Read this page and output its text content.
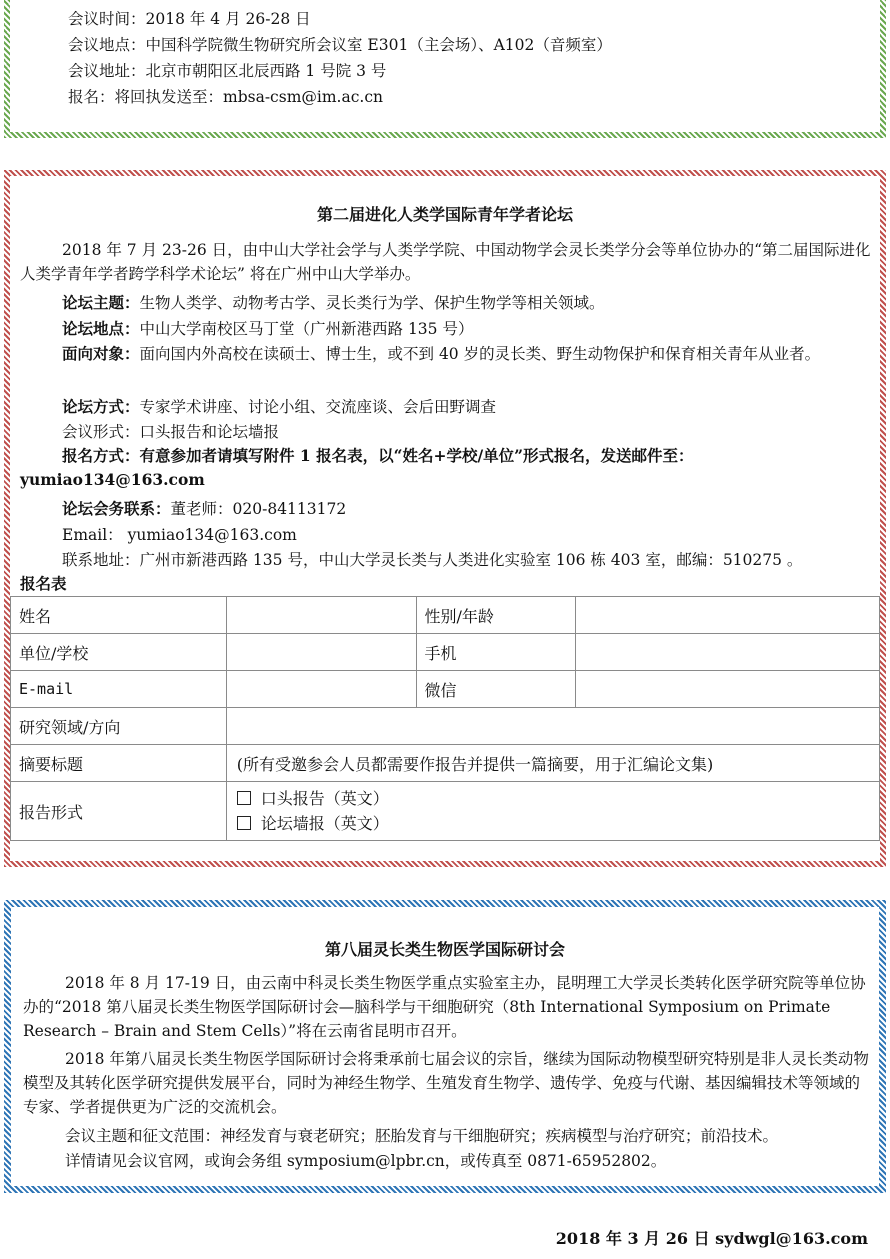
会议时间：2018 年 4 月 26-28 日
会议地点：中国科学院微生物研究所会议室 E301（主会场）、A102（音频室）
会议地址：北京市朝阳区北辰西路 1 号院 3 号
报名：将回执发送至：mbsa-csm@im.ac.cn
第二届进化人类学国际青年学者论坛
2018 年 7 月 23-26 日，由中山大学社会学与人类学学院、中国动物学会灵长类学分会等单位协办的“第二届国际进化人类学青年学者跨学科学术论坛” 将在广州中山大学举办。
论坛主题：生物人类学、动物考古学、灵长类行为学、保护生物学等相关领域。
论坛地点：中山大学南校区马丁堂（广州新港西路 135 号）
面向对象：面向国内外高校在读硕士、博士生，或不到 40 岁的灵长类、野生动物保护和保育相关青年从业者。
论坛方式：专家学术讲座、讨论小组、交流座谈、会后田野调查
会议形式：口头报告和论坛墙报
报名方式：有意参加者请填写附件 1 报名表，以“姓名+学校/单位”形式报名，发送邮件至：yumiao134@163.com
论坛会务联系：董老师：020-84113172
Email： yumiao134@163.com
联系地址：广州市新港西路 135 号，中山大学灵长类与人类进化实验室 106 栋 403 室，邮编：510275 。
报名表
姓名		性别/年龄	
单位/学校		手机	
E-mail		微信	
研究领域/方向			
摘要标题	(所有受邀参会人员都需要作报告并提供一篇摘要，用于汇编论文集)		
报告形式	口头报告（英文）
论坛墙报（英文）		
第八届灵长类生物医学国际研讨会
2018 年 8 月 17-19 日，由云南中科灵长类生物医学重点实验室主办，昆明理工大学灵长类转化医学研究院等单位协办的“2018 第八届灵长类生物医学国际研讨会—脑科学与干细胞研究（8th International Symposium on Primate Research – Brain and Stem Cells）”将在云南省昆明市召开。
2018 年第八届灵长类生物医学国际研讨会将秉承前七届会议的宗旨，继续为国际动物模型研究特别是非人灵长类动物模型及其转化医学研究提供发展平台，同时为神经生物学、生殖发育生物学、遗传学、免疫与代谢、基因编辑技术等领域的专家、学者提供更为广泛的交流机会。
会议主题和征文范围：神经发育与衰老研究；胚胎发育与干细胞研究；疾病模型与治疗研究；前沿技术。
详情请见会议官网，或询会务组 symposium@lpbr.cn，或传真至 0871-65952802。
2018 年 3 月 26 日 sydwgl@163.com
